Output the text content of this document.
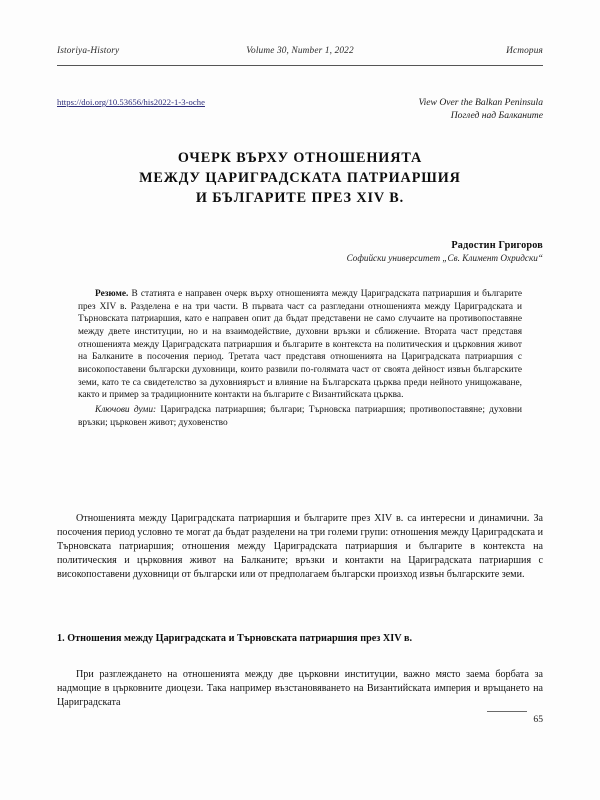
Istoriya-History	Volume 30, Number 1, 2022	История
https://doi.org/10.53656/his2022-1-3-oche	View Over the Balkan Peninsula
Поглед над Балканите
ОЧЕРК ВЪРХУ ОТНОШЕНИЯТА
МЕЖДУ ЦАРИГРАДСКАТА ПАТРИАРШИЯ
И БЪЛГАРИТЕ ПРЕЗ XIV В.
Радостин Григоров
Софийски университет „Св. Климент Охридски“

Резюме. В статията е направен очерк върху отношенията между Цариградската патриаршия и българите през XIV в. Разделена е на три части. В първата част са разгледани отношенията между Цариградската и Търновската патриаршия, като е направен опит да бъдат представени не само случаите на противопоставяне между двете институции, но и на взаимодействие, духовни връзки и сближение. Втората част представя отношенията между Цариградската патриаршия и българите в контекста на политическия и църковния живот на Балканите в посочения период. Третата част представя отношенията на Цариградската патриаршия с високопоставени български духовници, които развили по-голямата част от своята дейност извън българските земи, като те са свидетелство за духовнияръст и влияние на Българската църква преди нейното унищожаване, както и пример за традиционните контакти на българите с Византийската църква.

Ключови думи: Цариградска патриаршия; българи; Търновска патриаршия; противопоставяне; духовни връзки; църковен живот; духовенство

Отношенията между Цариградската патриаршия и българите през XIV в. са интересни и динамични. За посочения период условно те могат да бъдат разделени на три големи групи: отношения между Цариградската и Търновската патриаршия; отношения между Цариградската патриаршия и българите в контекста на политическия и църковния живот на Балканите; връзки и контакти на Цариградската патриаршия с високопоставени духовници от български или от предполагаем български произход извън българските земи.

1. Отношения между Цариградската и Търновската патриаршия през XIV в.

При разглеждането на отношенията между две църковни институции, важно място заема борбата за надмощие в църковните диоцези. Така например възстановяването на Византийската империя и връщането на Цариградската

65
